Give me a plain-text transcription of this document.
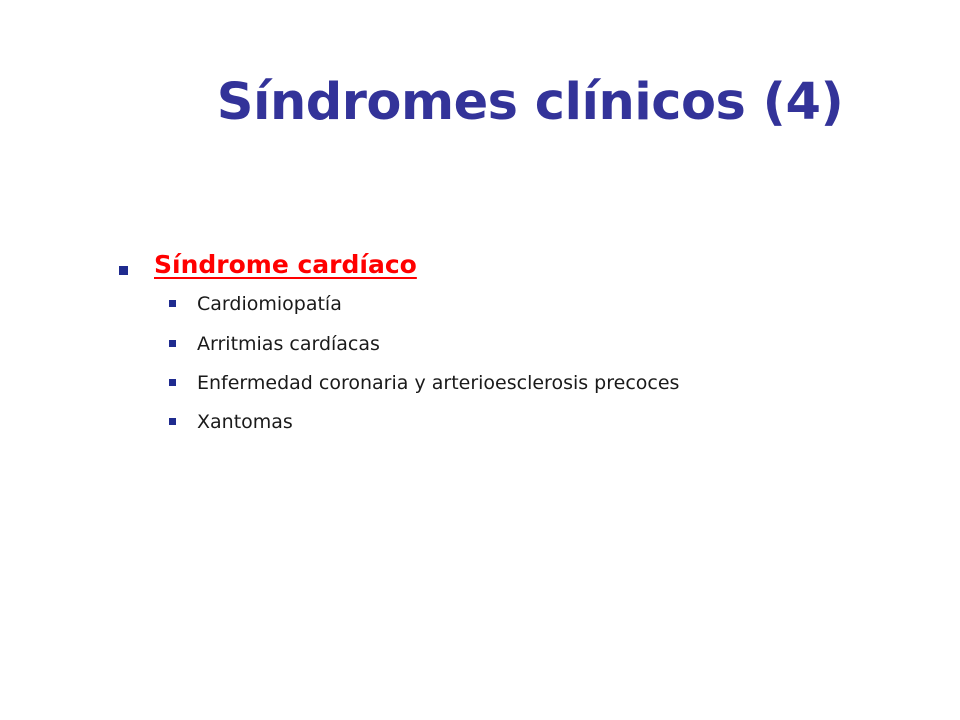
Síndromes clínicos (4)
Síndrome cardíaco
Cardiomiopatía
Arritmias cardíacas
Enfermedad coronaria y arterioesclerosis precoces
Xantomas
